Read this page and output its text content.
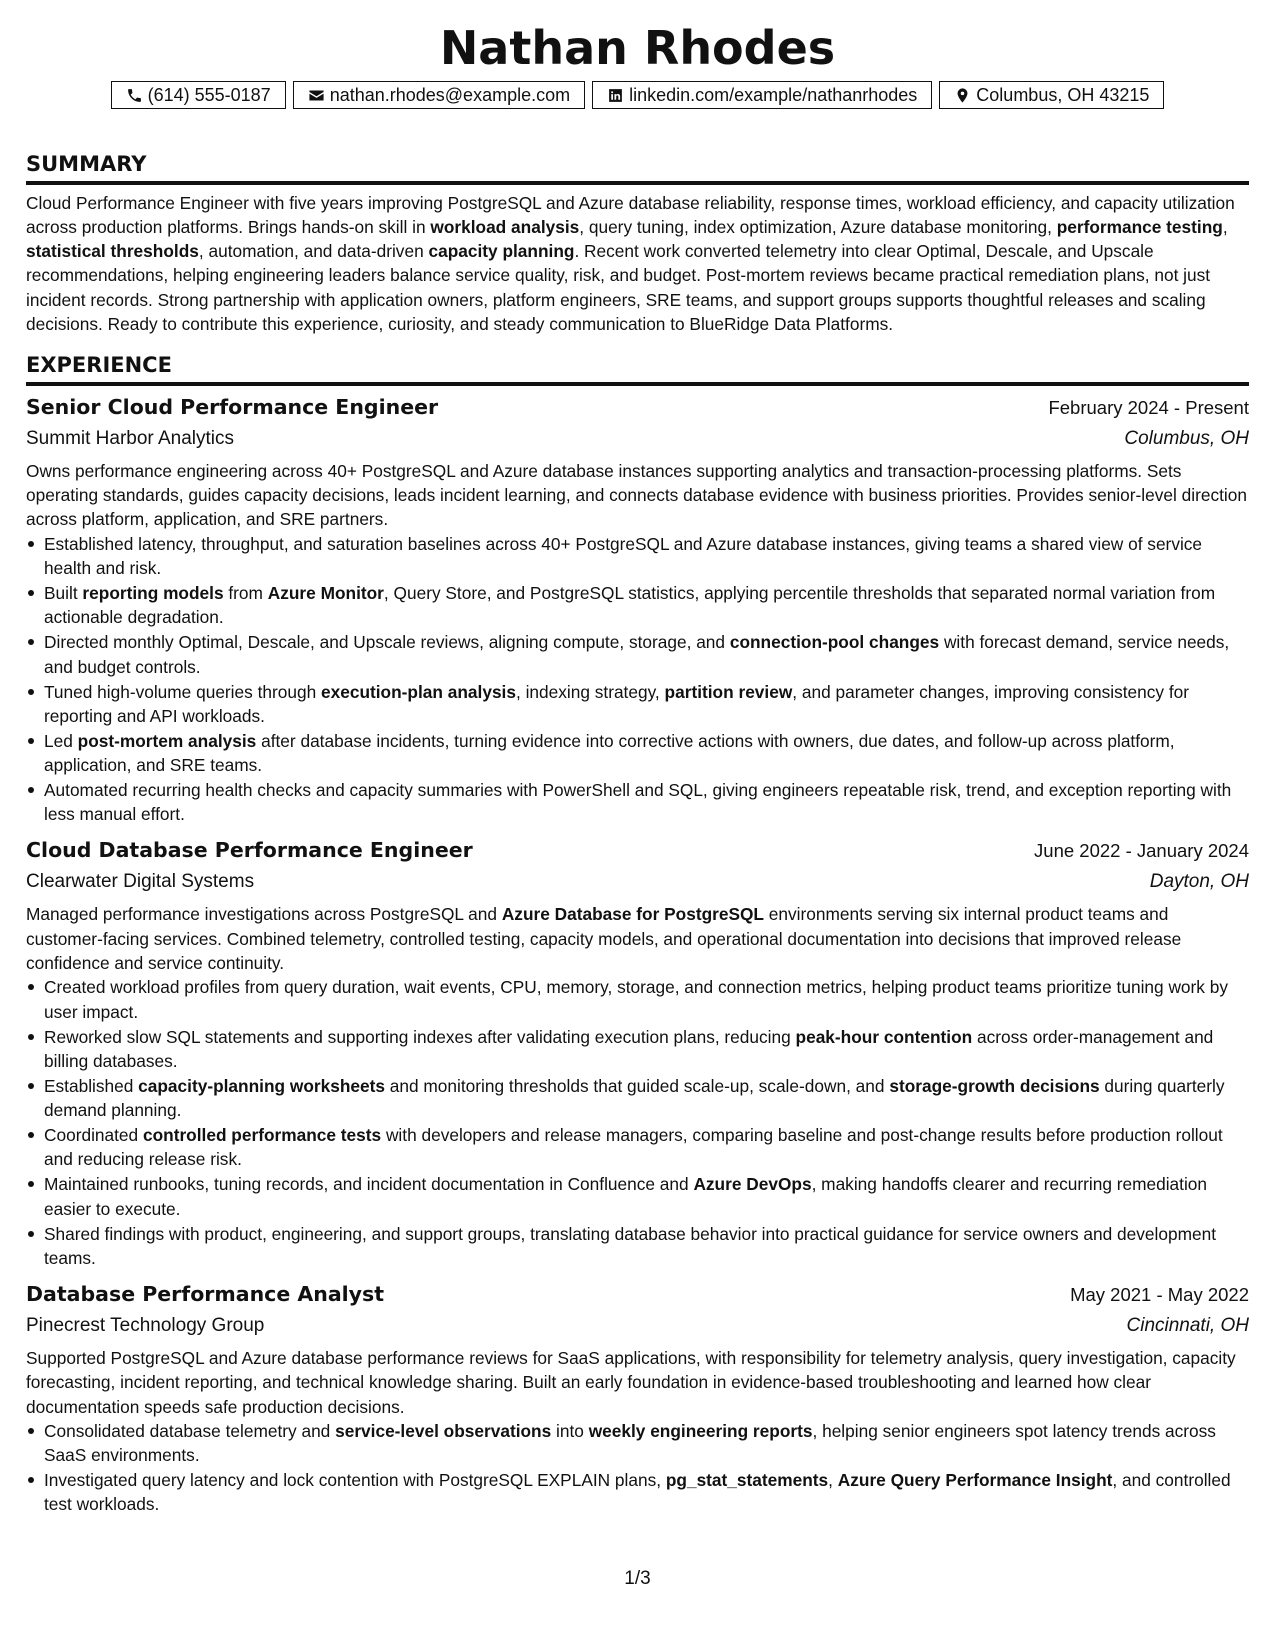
Nathan Rhodes
(614) 555-0187	nathan.rhodes@example.com	linkedin.com/example/nathanrhodes	Columbus, OH 43215
SUMMARY

Cloud Performance Engineer with five years improving PostgreSQL and Azure database reliability, response times, workload efficiency, and capacity utilization across production platforms. Brings hands-on skill in workload analysis, query tuning, index optimization, Azure database monitoring, performance testing, statistical thresholds, automation, and data-driven capacity planning. Recent work converted telemetry into clear Optimal, Descale, and Upscale recommendations, helping engineering leaders balance service quality, risk, and budget. Post-mortem reviews became practical remediation plans, not just incident records. Strong partnership with application owners, platform engineers, SRE teams, and support groups supports thoughtful releases and scaling decisions. Ready to contribute this experience, curiosity, and steady communication to BlueRidge Data Platforms.

EXPERIENCE
Senior Cloud Performance Engineer	February 2024 - Present
Summit Harbor Analytics	Columbus, OH

Owns performance engineering across 40+ PostgreSQL and Azure database instances supporting analytics and transaction-processing platforms. Sets operating standards, guides capacity decisions, leads incident learning, and connects database evidence with business priorities. Provides senior-level direction across platform, application, and SRE partners.

Established latency, throughput, and saturation baselines across 40+ PostgreSQL and Azure database instances, giving teams a shared view of service health and risk.
Built reporting models from Azure Monitor, Query Store, and PostgreSQL statistics, applying percentile thresholds that separated normal variation from actionable degradation.
Directed monthly Optimal, Descale, and Upscale reviews, aligning compute, storage, and connection-pool changes with forecast demand, service needs, and budget controls.
Tuned high-volume queries through execution-plan analysis, indexing strategy, partition review, and parameter changes, improving consistency for reporting and API workloads.
Led post-mortem analysis after database incidents, turning evidence into corrective actions with owners, due dates, and follow-up across platform, application, and SRE teams.
Automated recurring health checks and capacity summaries with PowerShell and SQL, giving engineers repeatable risk, trend, and exception reporting with less manual effort.
Cloud Database Performance Engineer	June 2022 - January 2024
Clearwater Digital Systems	Dayton, OH

Managed performance investigations across PostgreSQL and Azure Database for PostgreSQL environments serving six internal product teams and customer-facing services. Combined telemetry, controlled testing, capacity models, and operational documentation into decisions that improved release confidence and service continuity.

Created workload profiles from query duration, wait events, CPU, memory, storage, and connection metrics, helping product teams prioritize tuning work by user impact.
Reworked slow SQL statements and supporting indexes after validating execution plans, reducing peak-hour contention across order-management and billing databases.
Established capacity-planning worksheets and monitoring thresholds that guided scale-up, scale-down, and storage-growth decisions during quarterly demand planning.
Coordinated controlled performance tests with developers and release managers, comparing baseline and post-change results before production rollout and reducing release risk.
Maintained runbooks, tuning records, and incident documentation in Confluence and Azure DevOps, making handoffs clearer and recurring remediation easier to execute.
Shared findings with product, engineering, and support groups, translating database behavior into practical guidance for service owners and development teams.
Database Performance Analyst	May 2021 - May 2022
Pinecrest Technology Group	Cincinnati, OH

Supported PostgreSQL and Azure database performance reviews for SaaS applications, with responsibility for telemetry analysis, query investigation, capacity forecasting, incident reporting, and technical knowledge sharing. Built an early foundation in evidence-based troubleshooting and learned how clear documentation speeds safe production decisions.

Consolidated database telemetry and service-level observations into weekly engineering reports, helping senior engineers spot latency trends across SaaS environments.
Investigated query latency and lock contention with PostgreSQL EXPLAIN plans, pg_stat_statements, Azure Query Performance Insight, and controlled test workloads.
1/3
